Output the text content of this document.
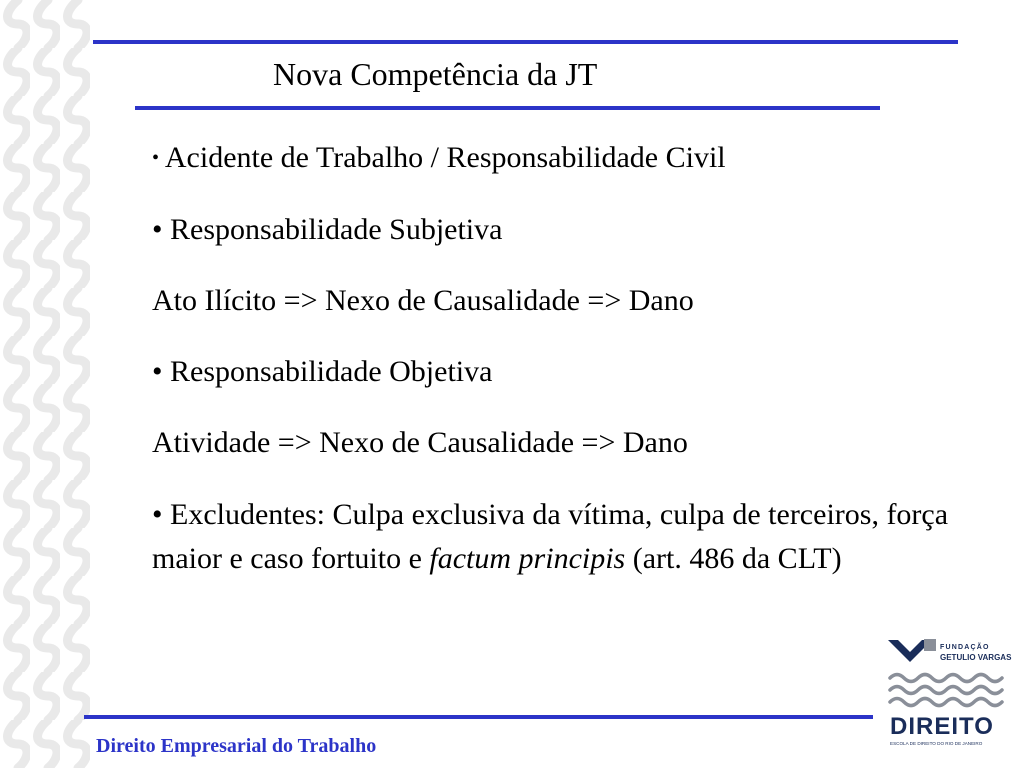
Nova Competência da JT
• Acidente de Trabalho / Responsabilidade Civil
• Responsabilidade Subjetiva
Ato Ilícito => Nexo de Causalidade => Dano
• Responsabilidade Objetiva
Atividade => Nexo de Causalidade => Dano
• Excludentes: Culpa exclusiva da vítima, culpa de terceiros, força maior e caso fortuito e factum principis (art. 486 da CLT)
Direito Empresarial do Trabalho
FUNDAÇÃO
GETULIO VARGAS
DIREITO
ESCOLA DE DIREITO DO RIO DE JANEIRO
